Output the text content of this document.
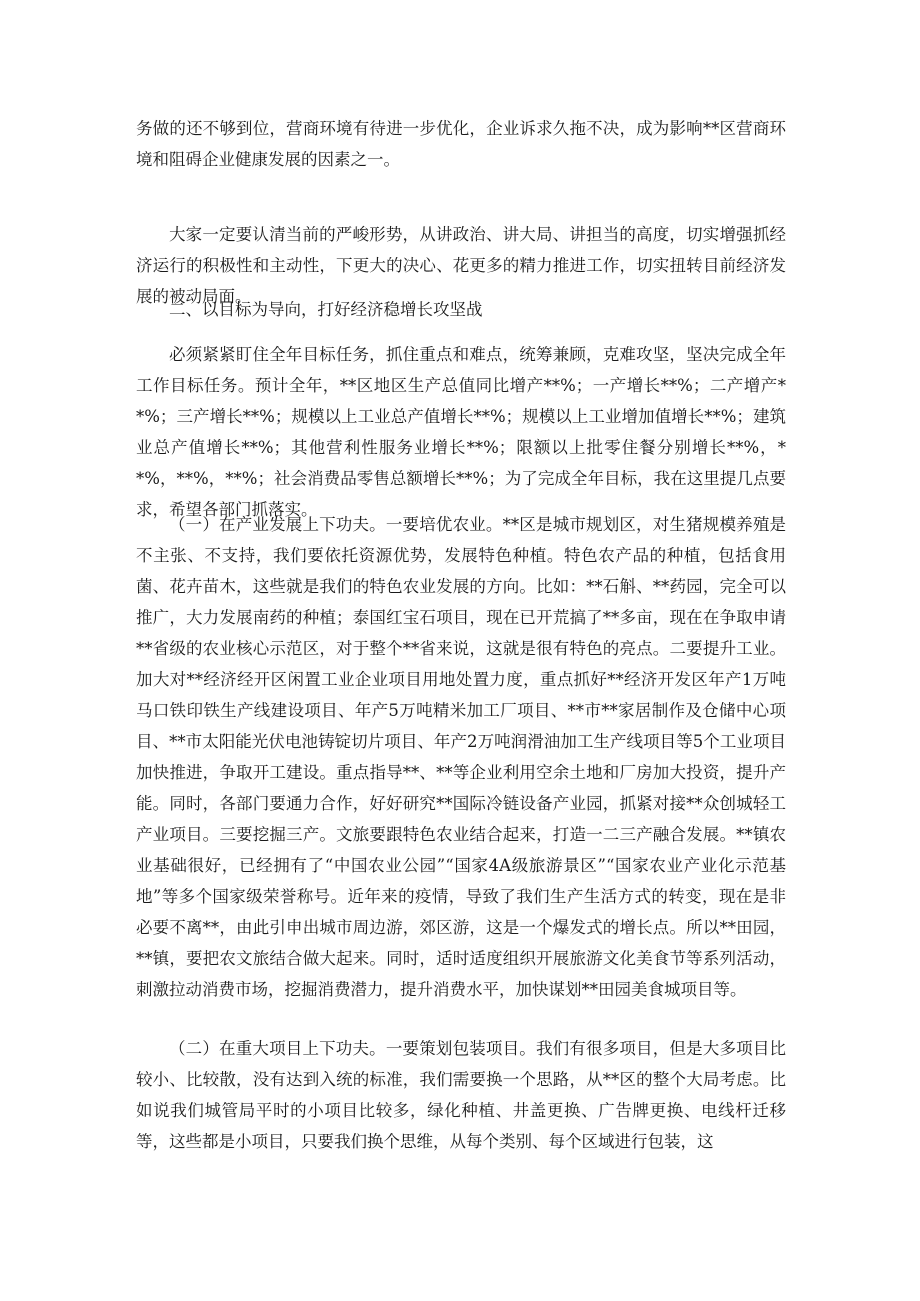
务做的还不够到位，营商环境有待进一步优化，企业诉求久拖不决，成为影响**区营商环境和阻碍企业健康发展的因素之一。

大家一定要认清当前的严峻形势，从讲政治、讲大局、讲担当的高度，切实增强抓经济运行的积极性和主动性，下更大的决心、花更多的精力推进工作，切实扭转目前经济发展的被动局面。

二、以目标为导向，打好经济稳增长攻坚战

必须紧紧盯住全年目标任务，抓住重点和难点，统筹兼顾，克难攻坚，坚决完成全年工作目标任务。预计全年，**区地区生产总值同比增产**%；一产增长**%；二产增产**%；三产增长**%；规模以上工业总产值增长**%；规模以上工业增加值增长**%；建筑业总产值增长**%；其他营利性服务业增长**%；限额以上批零住餐分别增长**%，**%，**%，**%；社会消费品零售总额增长**%；为了完成全年目标，我在这里提几点要求，希望各部门抓落实。

（一）在产业发展上下功夫。一要培优农业。**区是城市规划区，对生猪规模养殖是不主张、不支持，我们要依托资源优势，发展特色种植。特色农产品的种植，包括食用菌、花卉苗木，这些就是我们的特色农业发展的方向。比如：**石斛、**药园，完全可以推广，大力发展南药的种植；泰国红宝石项目，现在已开荒搞了**多亩，现在在争取申请**省级的农业核心示范区，对于整个**省来说，这就是很有特色的亮点。二要提升工业。加大对**经济经开区闲置工业企业项目用地处置力度，重点抓好**经济开发区年产1万吨马口铁印铁生产线建设项目、年产5万吨精米加工厂项目、**市**家居制作及仓储中心项目、**市太阳能光伏电池铸锭切片项目、年产2万吨润滑油加工生产线项目等5个工业项目加快推进，争取开工建设。重点指导**、**等企业利用空余土地和厂房加大投资，提升产能。同时，各部门要通力合作，好好研究**国际冷链设备产业园，抓紧对接**众创城轻工产业项目。三要挖掘三产。文旅要跟特色农业结合起来，打造一二三产融合发展。**镇农业基础很好，已经拥有了“中国农业公园”“国家4A级旅游景区”“国家农业产业化示范基地”等多个国家级荣誉称号。近年来的疫情，导致了我们生产生活方式的转变，现在是非必要不离**，由此引申出城市周边游，郊区游，这是一个爆发式的增长点。所以**田园，**镇，要把农文旅结合做大起来。同时，适时适度组织开展旅游文化美食节等系列活动，刺激拉动消费市场，挖掘消费潜力，提升消费水平，加快谋划**田园美食城项目等。

（二）在重大项目上下功夫。一要策划包装项目。我们有很多项目，但是大多项目比较小、比较散，没有达到入统的标准，我们需要换一个思路，从**区的整个大局考虑。比如说我们城管局平时的小项目比较多，绿化种植、井盖更换、广告牌更换、电线杆迁移等，这些都是小项目，只要我们换个思维，从每个类别、每个区域进行包装，这
